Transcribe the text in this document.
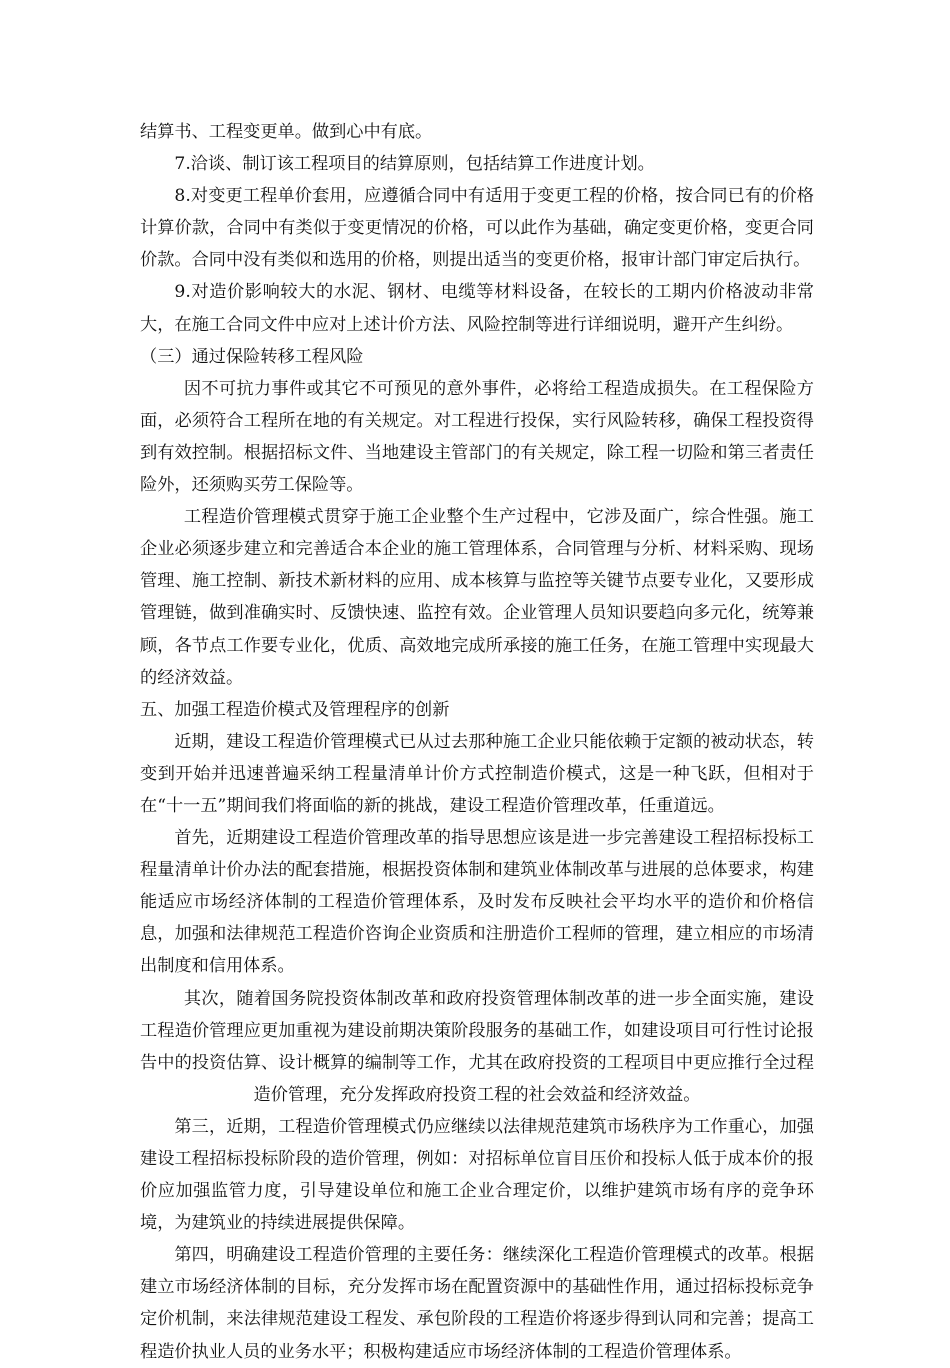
结算书、工程变更单。做到心中有底。

7.洽谈、制订该工程项目的结算原则，包括结算工作进度计划。

8.对变更工程单价套用，应遵循合同中有适用于变更工程的价格，按合同已有的价格计算价款，合同中有类似于变更情况的价格，可以此作为基础，确定变更价格，变更合同价款。合同中没有类似和选用的价格，则提出适当的变更价格，报审计部门审定后执行。

9.对造价影响较大的水泥、钢材、电缆等材料设备，在较长的工期内价格波动非常大，在施工合同文件中应对上述计价方法、风险控制等进行详细说明，避开产生纠纷。

（三）通过保险转移工程风险

因不可抗力事件或其它不可预见的意外事件，必将给工程造成损失。在工程保险方面，必须符合工程所在地的有关规定。对工程进行投保，实行风险转移，确保工程投资得到有效控制。根据招标文件、当地建设主管部门的有关规定，除工程一切险和第三者责任险外，还须购买劳工保险等。

工程造价管理模式贯穿于施工企业整个生产过程中，它涉及面广，综合性强。施工企业必须逐步建立和完善适合本企业的施工管理体系，合同管理与分析、材料采购、现场管理、施工控制、新技术新材料的应用、成本核算与监控等关键节点要专业化，又要形成管理链，做到准确实时、反馈快速、监控有效。企业管理人员知识要趋向多元化，统筹兼顾，各节点工作要专业化，优质、高效地完成所承接的施工任务，在施工管理中实现最大的经济效益。

五、加强工程造价模式及管理程序的创新

近期，建设工程造价管理模式已从过去那种施工企业只能依赖于定额的被动状态，转变到开始并迅速普遍采纳工程量清单计价方式控制造价模式，这是一种飞跃，但相对于在“十一五”期间我们将面临的新的挑战，建设工程造价管理改革，任重道远。

首先，近期建设工程造价管理改革的指导思想应该是进一步完善建设工程招标投标工程量清单计价办法的配套措施，根据投资体制和建筑业体制改革与进展的总体要求，构建能适应市场经济体制的工程造价管理体系，及时发布反映社会平均水平的造价和价格信息，加强和法律规范工程造价咨询企业资质和注册造价工程师的管理，建立相应的市场清出制度和信用体系。

其次，随着国务院投资体制改革和政府投资管理体制改革的进一步全面实施，建设工程造价管理应更加重视为建设前期决策阶段服务的基础工作，如建设项目可行性讨论报告中的投资估算、设计概算的编制等工作，尤其在政府投资的工程项目中更应推行全过程造价管理，充分发挥政府投资工程的社会效益和经济效益。

第三，近期，工程造价管理模式仍应继续以法律规范建筑市场秩序为工作重心，加强建设工程招标投标阶段的造价管理，例如：对招标单位盲目压价和投标人低于成本价的报价应加强监管力度，引导建设单位和施工企业合理定价，以维护建筑市场有序的竞争环境，为建筑业的持续进展提供保障。

第四，明确建设工程造价管理的主要任务：继续深化工程造价管理模式的改革。根据建立市场经济体制的目标，充分发挥市场在配置资源中的基础性作用，通过招标投标竞争定价机制，来法律规范建设工程发、承包阶段的工程造价将逐步得到认同和完善；提高工程造价执业人员的业务水平；积极构建适应市场经济体制的工程造价管理体系。
